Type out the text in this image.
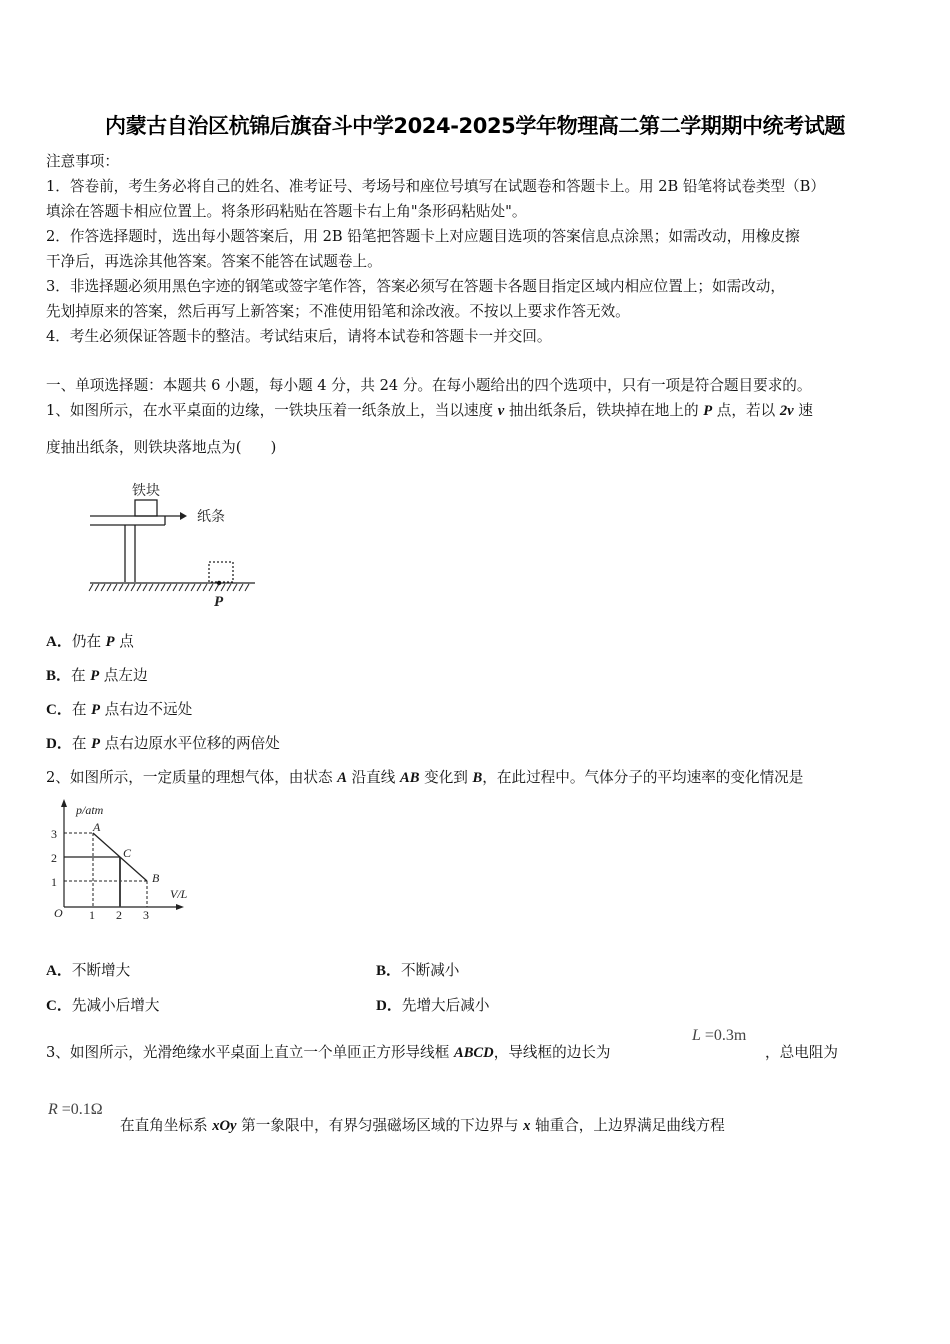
内蒙古自治区杭锦后旗奋斗中学2024-2025学年物理高二第二学期期中统考试题
注意事项：
1．答卷前，考生务必将自己的姓名、准考证号、考场号和座位号填写在试题卷和答题卡上。用 2B 铅笔将试卷类型（B）
填涂在答题卡相应位置上。将条形码粘贴在答题卡右上角"条形码粘贴处"。
2．作答选择题时，选出每小题答案后，用 2B 铅笔把答题卡上对应题目选项的答案信息点涂黑；如需改动，用橡皮擦
干净后，再选涂其他答案。答案不能答在试题卷上。
3．非选择题必须用黑色字迹的钢笔或签字笔作答，答案必须写在答题卡各题目指定区域内相应位置上；如需改动，
先划掉原来的答案，然后再写上新答案；不准使用铅笔和涂改液。不按以上要求作答无效。
4．考生必须保证答题卡的整洁。考试结束后，请将本试卷和答题卡一并交回。
一、单项选择题：本题共 6 小题，每小题 4 分，共 24 分。在每小题给出的四个选项中，只有一项是符合题目要求的。
1、如图所示，在水平桌面的边缘，一铁块压着一纸条放上，当以速度 v 抽出纸条后，铁块掉在地上的 P 点，若以 2v 速
度抽出纸条，则铁块落地点为(　　)
铁块
纸条
P
A．仍在 P 点
B．在 P 点左边
C．在 P 点右边不远处
D．在 P 点右边原水平位移的两倍处
2、如图所示，一定质量的理想气体，由状态 A 沿直线 AB 变化到 B，在此过程中。气体分子的平均速率的变化情况是
p/atm
V/L
O
3
2
1
1 2 3
A
C
B
A．不断增大	B．不断减小
C．先减小后增大	D．先增大后减小
3、如图所示，光滑绝缘水平桌面上直立一个单匝正方形导线框 ABCD，导线框的边长为
L =0.3m
，总电阻为
R =0.1Ω
在直角坐标系 xOy 第一象限中，有界匀强磁场区域的下边界与 x 轴重合，上边界满足曲线方程
